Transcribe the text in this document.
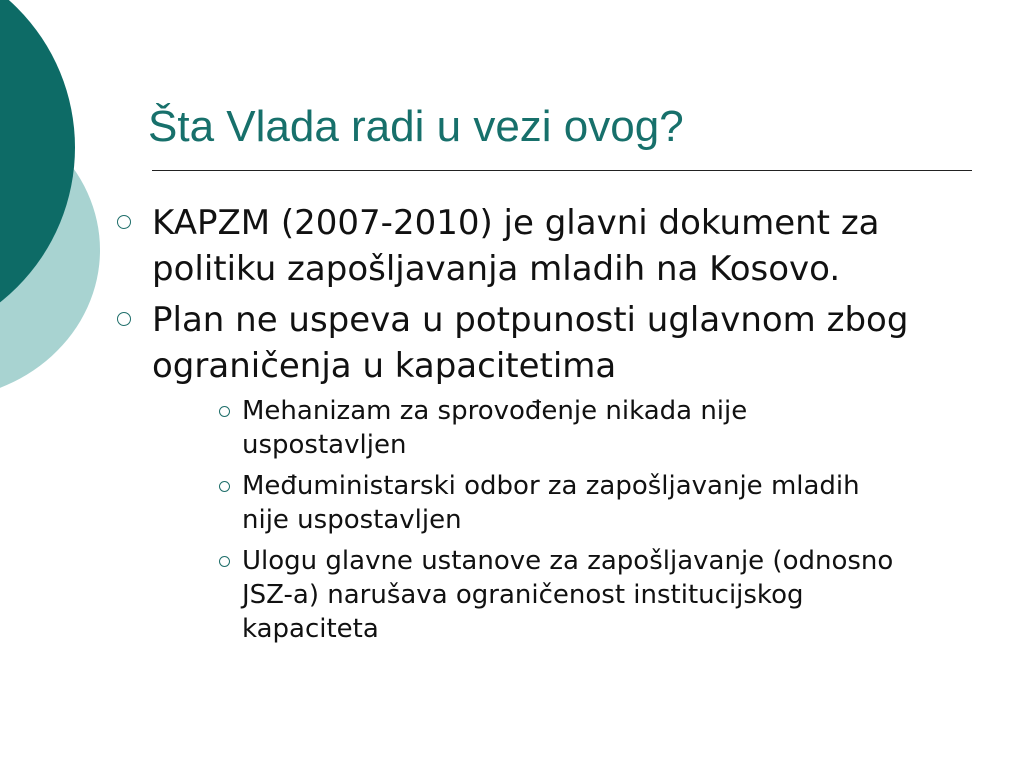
Šta Vlada radi u vezi ovog?
KAPZM (2007-2010) je glavni dokument za politiku zapošljavanja mladih na Kosovo.
Plan ne uspeva u potpunosti uglavnom zbog ograničenja u kapacitetima
Mehanizam za sprovođenje nikada nije uspostavljen
Međuministarski odbor za zapošljavanje mladih nije uspostavljen
Ulogu glavne ustanove za zapošljavanje (odnosno JSZ-a) narušava ograničenost institucijskog kapaciteta
